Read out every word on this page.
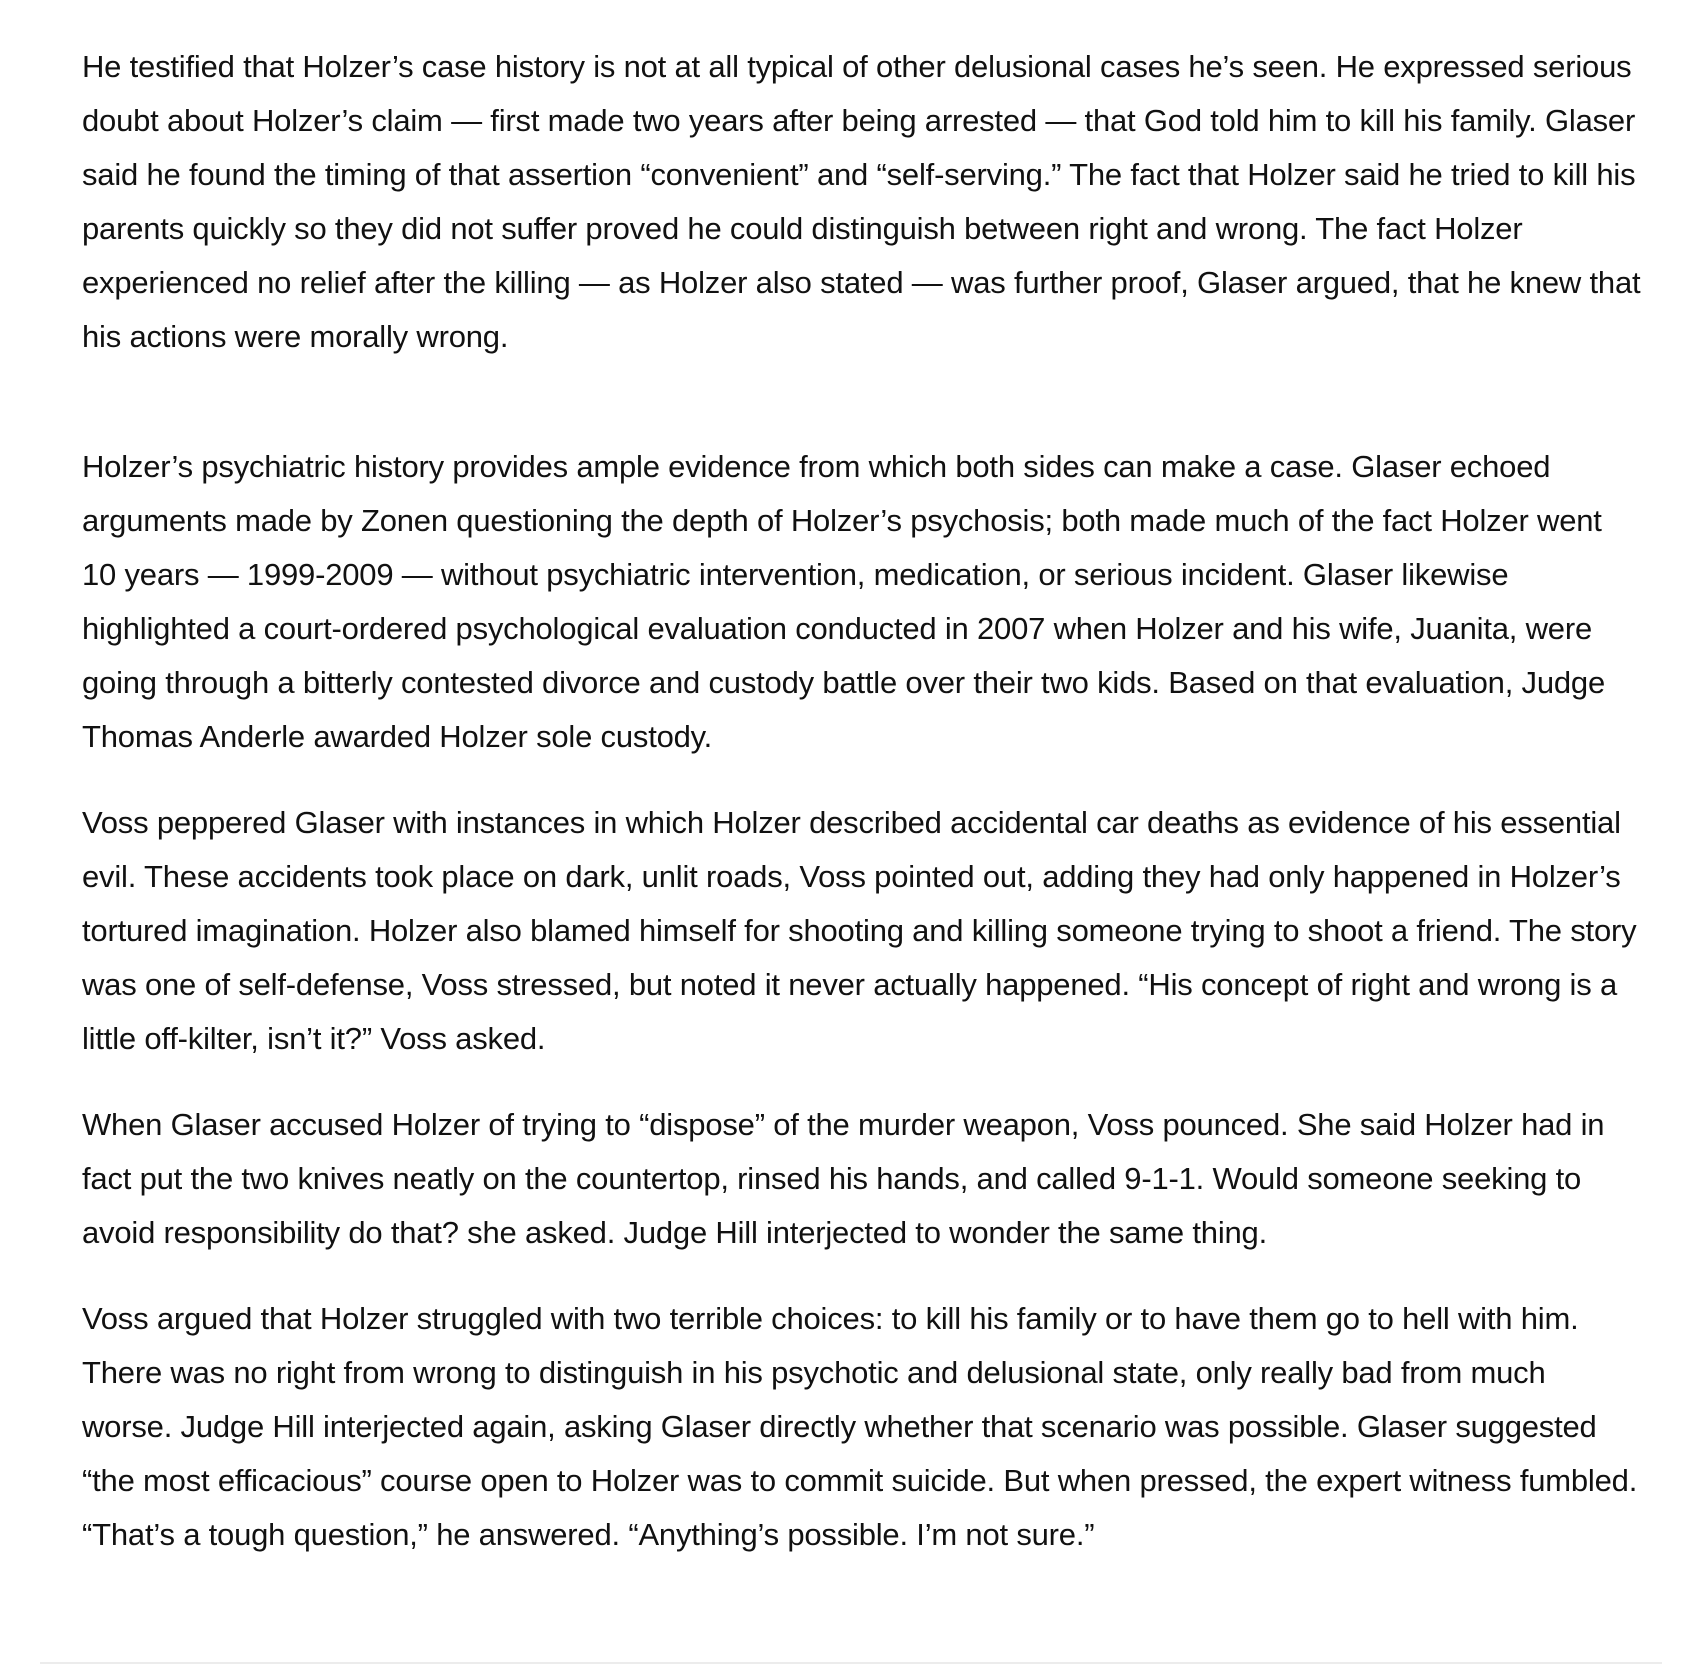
He testified that Holzer’s case history is not at all typical of other delusional cases he’s seen. He expressed serious doubt about Holzer’s claim — first made two years after being arrested — that God told him to kill his family. Glaser said he found the timing of that assertion “convenient” and “self-serving.” The fact that Holzer said he tried to kill his parents quickly so they did not suffer proved he could distinguish between right and wrong. The fact Holzer experienced no relief after the killing — as Holzer also stated — was further proof, Glaser argued, that he knew that his actions were morally wrong.

Holzer’s psychiatric history provides ample evidence from which both sides can make a case. Glaser echoed arguments made by Zonen questioning the depth of Holzer’s psychosis; both made much of the fact Holzer went 10 years — 1999-2009 — without psychiatric intervention, medication, or serious incident. Glaser likewise highlighted a court-ordered psychological evaluation conducted in 2007 when Holzer and his wife, Juanita, were going through a bitterly contested divorce and custody battle over their two kids. Based on that evaluation, Judge Thomas Anderle awarded Holzer sole custody.

Voss peppered Glaser with instances in which Holzer described accidental car deaths as evidence of his essential evil. These accidents took place on dark, unlit roads, Voss pointed out, adding they had only happened in Holzer’s tortured imagination. Holzer also blamed himself for shooting and killing someone trying to shoot a friend. The story was one of self-defense, Voss stressed, but noted it never actually happened. “His concept of right and wrong is a little off-kilter, isn’t it?” Voss asked.

When Glaser accused Holzer of trying to “dispose” of the murder weapon, Voss pounced. She said Holzer had in fact put the two knives neatly on the countertop, rinsed his hands, and called 9-1-1. Would someone seeking to avoid responsibility do that? she asked. Judge Hill interjected to wonder the same thing.

Voss argued that Holzer struggled with two terrible choices: to kill his family or to have them go to hell with him. There was no right from wrong to distinguish in his psychotic and delusional state, only really bad from much worse. Judge Hill interjected again, asking Glaser directly whether that scenario was possible. Glaser suggested “the most efficacious” course open to Holzer was to commit suicide. But when pressed, the expert witness fumbled. “That’s a tough question,” he answered. “Anything’s possible. I’m not sure.”
